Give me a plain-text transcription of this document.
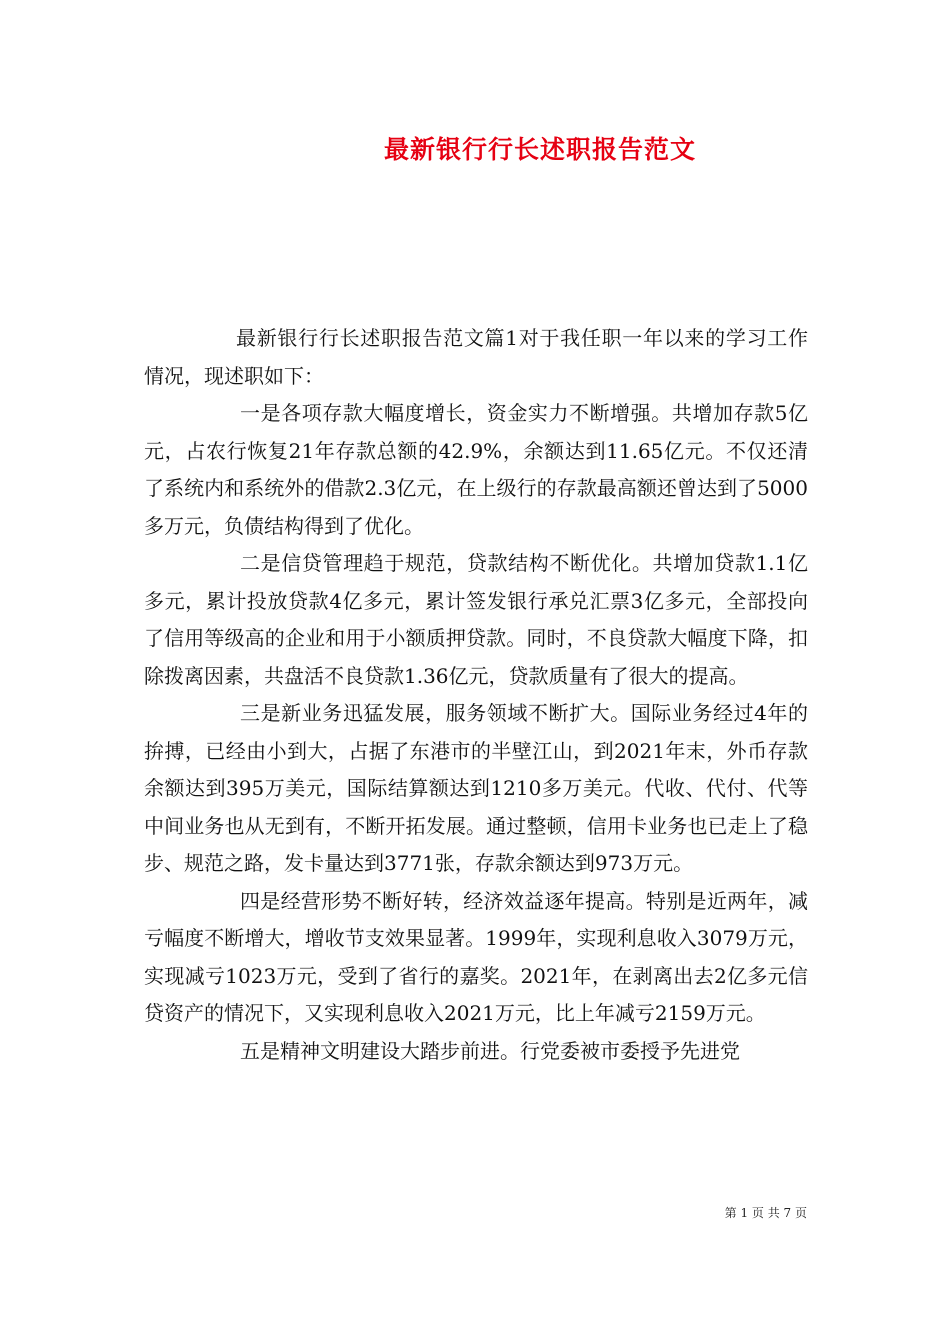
最新银行行长述职报告范文

最新银行行长述职报告范文篇1对于我任职一年以来的学习工作情况，现述职如下：

一是各项存款大幅度增长，资金实力不断增强。共增加存款5亿元，占农行恢复21年存款总额的42.9%，余额达到11.65亿元。不仅还清了系统内和系统外的借款2.3亿元，在上级行的存款最高额还曾达到了5000多万元，负债结构得到了优化。

二是信贷管理趋于规范，贷款结构不断优化。共增加贷款1.1亿多元，累计投放贷款4亿多元，累计签发银行承兑汇票3亿多元，全部投向了信用等级高的企业和用于小额质押贷款。同时，不良贷款大幅度下降，扣除拨离因素，共盘活不良贷款1.36亿元，贷款质量有了很大的提高。

三是新业务迅猛发展，服务领域不断扩大。国际业务经过4年的拚搏，已经由小到大，占据了东港市的半壁江山，到2021年末，外币存款余额达到395万美元，国际结算额达到1210多万美元。代收、代付、代等中间业务也从无到有，不断开拓发展。通过整顿，信用卡业务也已走上了稳步、规范之路，发卡量达到3771张，存款余额达到973万元。

四是经营形势不断好转，经济效益逐年提高。特别是近两年，减亏幅度不断增大，增收节支效果显著。1999年，实现利息收入3079万元，实现减亏1023万元，受到了省行的嘉奖。2021年，在剥离出去2亿多元信贷资产的情况下，又实现利息收入2021万元，比上年减亏2159万元。

五是精神文明建设大踏步前进。行党委被市委授予先进党

第 1 页 共 7 页
